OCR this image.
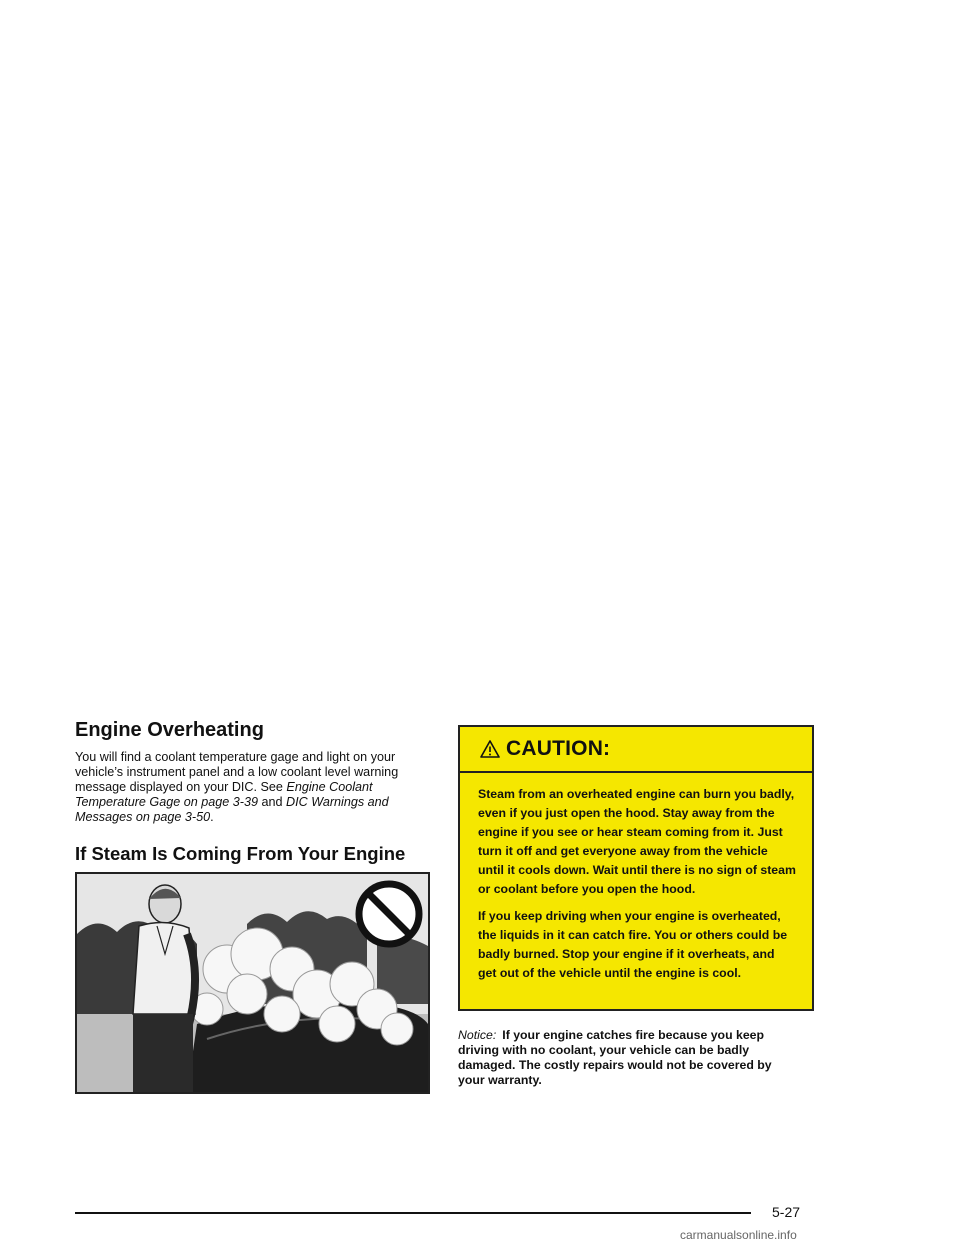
Engine Overheating

You will find a coolant temperature gage and light on your vehicle’s instrument panel and a low coolant level warning message displayed on your DIC. See Engine Coolant Temperature Gage on page 3-39 and DIC Warnings and Messages on page 3-50.

If Steam Is Coming From Your Engine
CAUTION:

Steam from an overheated engine can burn you badly, even if you just open the hood. Stay away from the engine if you see or hear steam coming from it. Just turn it off and get everyone away from the vehicle until it cools down. Wait until there is no sign of steam or coolant before you open the hood.

If you keep driving when your engine is overheated, the liquids in it can catch fire. You or others could be badly burned. Stop your engine if it overheats, and get out of the vehicle until the engine is cool.

Notice: If your engine catches fire because you keep driving with no coolant, your vehicle can be badly damaged. The costly repairs would not be covered by your warranty.

5-27
carmanualsonline.info
